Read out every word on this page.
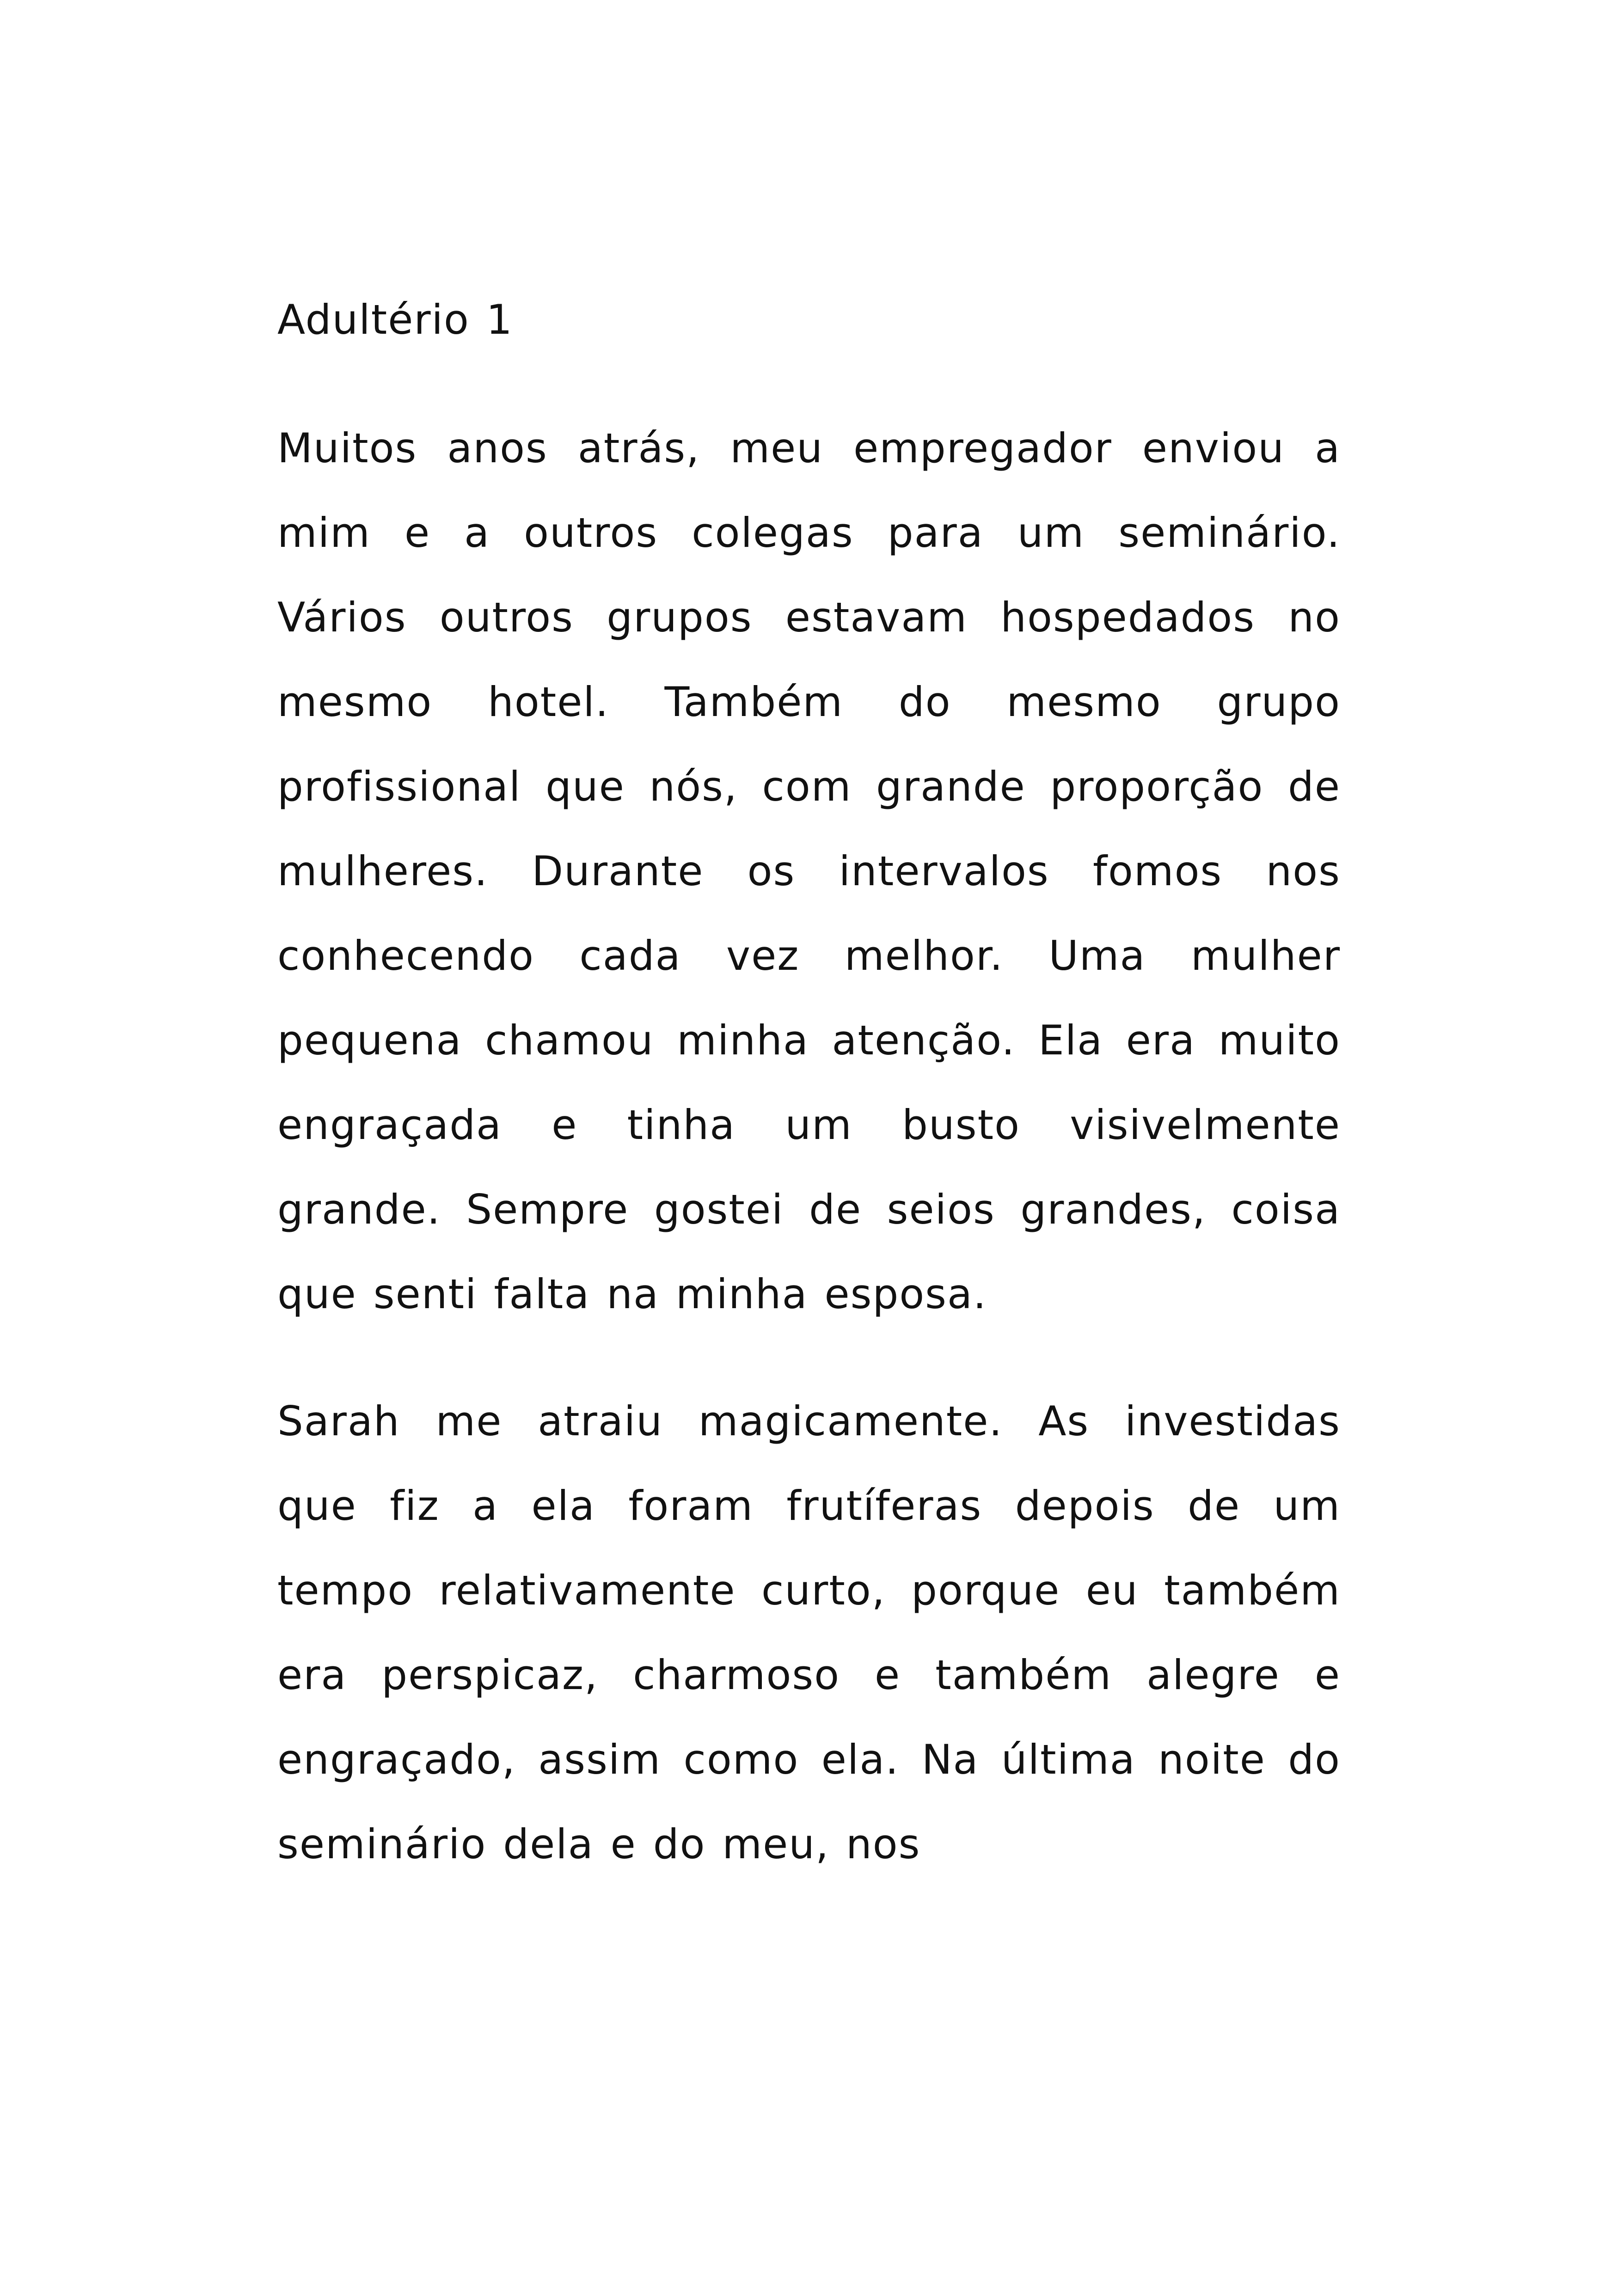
Adultério 1

Muitos anos atrás, meu empregador enviou a mim e a outros colegas para um seminário. Vários outros grupos estavam hospedados no mesmo hotel. Também do mesmo grupo profissional que nós, com grande proporção de mulheres. Durante os intervalos fomos nos conhecendo cada vez melhor. Uma mulher pequena chamou minha atenção. Ela era muito engraçada e tinha um busto visivelmente grande. Sempre gostei de seios grandes, coisa que senti falta na minha esposa.

Sarah me atraiu magicamente. As investidas que fiz a ela foram frutíferas depois de um tempo relativamente curto, porque eu também era perspicaz, charmoso e também alegre e engraçado, assim como ela. Na última noite do seminário dela e do meu, nos
